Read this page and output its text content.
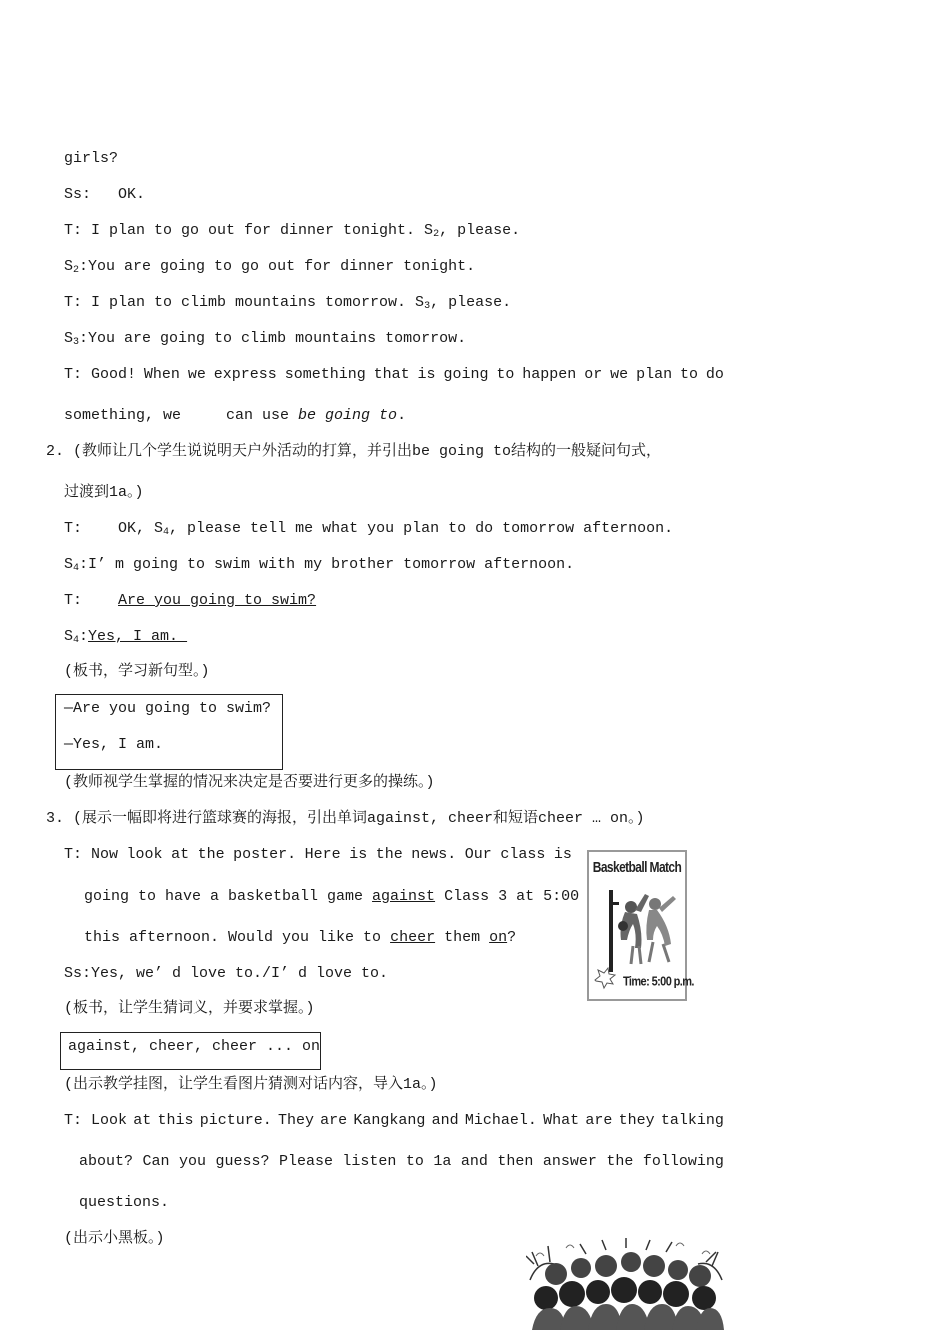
girls?
Ss:   OK.
T: I plan to go out for dinner tonight. $S_2$, please.
$S_2:You$ are going to go out for dinner tonight.
T: I plan to climb mountains tomorrow. $S_3$, please.
$S_3:You$ are going to climb mountains tomorrow.
T: Good! When we express something that is going to happen or we plan to do
something, we     can use be going to.
2. (教师让几个学生说说明天户外活动的打算，并引出be going to结构的一般疑问句式，
过渡到1a。)
T:    OK, $S_4$, please tell me what you plan to do tomorrow afternoon.
$S_4:I$’ m going to swim with my brother tomorrow afternoon.
T:    Are you going to swim?
$S_4:Yes$, I am.
(板书，学习新句型。)
—Are you going to swim?
—Yes, I am.
(教师视学生掌握的情况来决定是否要进行更多的操练。)
3. (展示一幅即将进行篮球赛的海报，引出单词against, cheer和短语cheer … on。)
T: Now look at the poster. Here is the news. Our class is
going to have a basketball game against Class 3 at 5:00
this afternoon. Would you like to cheer them on?
Ss:Yes, we’ d love to./I’ d love to.
(板书，让学生猜词义，并要求掌握。)
against, cheer, cheer ... on
(出示教学挂图，让学生看图片猜测对话内容，导入1a。)
T: Look at this picture. They are Kangkang and Michael. What are they talking
about? Can you guess? Please listen to 1a and then answer the following
questions.
(出示小黑板。)
Basketball Match
Time: 5:00 p.m.
